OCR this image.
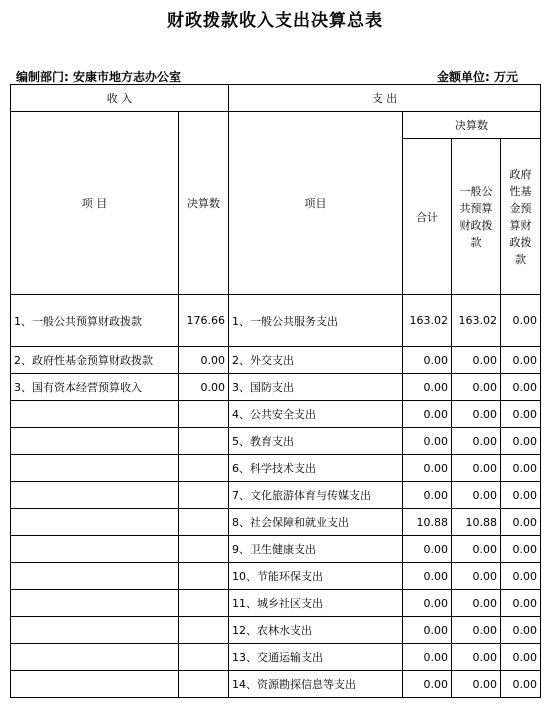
财政拨款收入支出决算总表
编制部门: 安康市地方志办公室	金额单位: 万元
收 入		支 出			
项 目	决算数	项目	决算数		
			合计	一般公共预算财政拨款	政府性基金预算财政拨款
1、一般公共预算财政拨款	176.66	1、一般公共服务支出	163.02	163.02	0.00
2、政府性基金预算财政拨款	0.00	2、外交支出	0.00	0.00	0.00
3、国有资本经营预算收入	0.00	3、国防支出	0.00	0.00	0.00
		4、公共安全支出	0.00	0.00	0.00
		5、教育支出	0.00	0.00	0.00
		6、科学技术支出	0.00	0.00	0.00
		7、文化旅游体育与传媒支出	0.00	0.00	0.00
		8、社会保障和就业支出	10.88	10.88	0.00
		9、卫生健康支出	0.00	0.00	0.00
		10、节能环保支出	0.00	0.00	0.00
		11、城乡社区支出	0.00	0.00	0.00
		12、农林水支出	0.00	0.00	0.00
		13、交通运输支出	0.00	0.00	0.00
		14、资源勘探信息等支出	0.00	0.00	0.00
